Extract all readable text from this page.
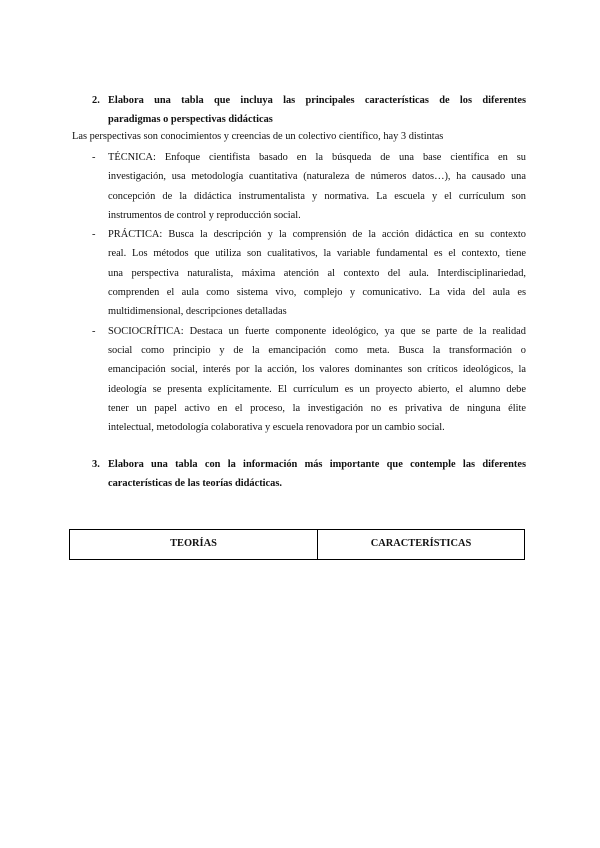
2. Elabora una tabla que incluya las principales características de los diferentes
paradigmas o perspectivas didácticas
Las perspectivas son conocimientos y creencias de un colectivo científico, hay 3 distintas
- TÉCNICA: Enfoque cientifista basado en la búsqueda de una base científica en su
investigación, usa metodología cuantitativa (naturaleza de números datos…), ha causado una
concepción de la didáctica instrumentalista y normativa. La escuela y el currículum son
instrumentos de control y reproducción social.
- PRÁCTICA: Busca la descripción y la comprensión de la acción didáctica en su contexto
real. Los métodos que utiliza son cualitativos, la variable fundamental es el contexto, tiene
una perspectiva naturalista, máxima atención al contexto del aula. Interdisciplinariedad,
comprenden el aula como sistema vivo, complejo y comunicativo. La vida del aula es
multidimensional, descripciones detalladas
- SOCIOCRÍTICA: Destaca un fuerte componente ideológico, ya que se parte de la realidad
social como principio y de la emancipación como meta. Busca la transformación o
emancipación social, interés por la acción, los valores dominantes son críticos ideológicos, la
ideología se presenta explícitamente. El currículum es un proyecto abierto, el alumno debe
tener un papel activo en el proceso, la investigación no es privativa de ninguna élite
intelectual, metodología colaborativa y escuela renovadora por un cambio social.
3. Elabora una tabla con la información más importante que contemple las diferentes
características de las teorías didácticas.
TEORÍAS	CARACTERÍSTICAS
